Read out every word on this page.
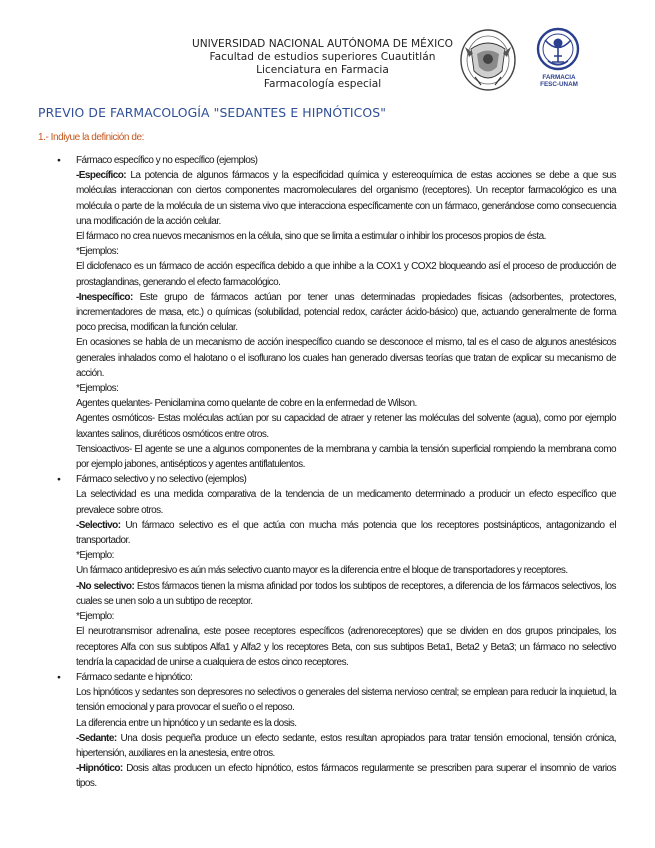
UNIVERSIDAD NACIONAL AUTÓNOMA DE MÉXICO
Facultad de estudios superiores Cuautitlán
Licenciatura en Farmacia
Farmacología especial
FARMACIA
FESC-UNAM
PREVIO DE FARMACOLOGÍA "SEDANTES E HIPNÓTICOS"
1.- Indiyue la definición de:

● Fármaco específico y no específico (ejemplos)

-Específico: La potencia de algunos fármacos y la especificidad química y estereoquímica de estas acciones se debe a que sus moléculas interaccionan con ciertos componentes macromoleculares del organismo (receptores). Un receptor farmacológico es una molécula o parte de la molécula de un sistema vivo que interacciona específicamente con un fármaco, generándose como consecuencia una modificación de la acción celular.

El fármaco no crea nuevos mecanismos en la célula, sino que se limita a estimular o inhibir los procesos propios de ésta.

*Ejemplos:

El diclofenaco es un fármaco de acción específica debido a que inhibe a la COX1 y COX2 bloqueando así el proceso de producción de prostaglandinas, generando el efecto farmacológico.

-Inespecífico: Este grupo de fármacos actúan por tener unas determinadas propiedades físicas (adsorbentes, protectores, incrementadores de masa, etc.) o químicas (solubilidad, potencial redox, carácter ácido-básico) que, actuando generalmente de forma poco precisa, modifican la función celular.

En ocasiones se habla de un mecanismo de acción inespecífico cuando se desconoce el mismo, tal es el caso de algunos anestésicos generales inhalados como el halotano o el isoflurano los cuales han generado diversas teorías que tratan de explicar su mecanismo de acción.

*Ejemplos:

Agentes quelantes- Penicilamina como quelante de cobre en la enfermedad de Wilson.

Agentes osmóticos- Estas moléculas actúan por su capacidad de atraer y retener las moléculas del solvente (agua), como por ejemplo laxantes salinos, diuréticos osmóticos entre otros.

Tensioactivos- El agente se une a algunos componentes de la membrana y cambia la tensión superficial rompiendo la membrana como por ejemplo jabones, antisépticos y agentes antiflatulentos.

● Fármaco selectivo y no selectivo (ejemplos)

La selectividad es una medida comparativa de la tendencia de un medicamento determinado a producir un efecto específico que prevalece sobre otros.

-Selectivo: Un fármaco selectivo es el que actúa con mucha más potencia que los receptores postsinápticos, antagonizando el transportador.

*Ejemplo:

Un fármaco antidepresivo es aún más selectivo cuanto mayor es la diferencia entre el bloque de transportadores y receptores.

-No selectivo: Estos fármacos tienen la misma afinidad por todos los subtipos de receptores, a diferencia de los fármacos selectivos, los cuales se unen solo a un subtipo de receptor.

*Ejemplo:

El neurotransmisor adrenalina, este posee receptores específicos (adrenoreceptores) que se dividen en dos grupos principales, los receptores Alfa con sus subtipos Alfa1 y Alfa2 y los receptores Beta, con sus subtipos Beta1, Beta2 y Beta3; un fármaco no selectivo tendría la capacidad de unirse a cualquiera de estos cinco receptores.

● Fármaco sedante e hipnótico:

Los hipnóticos y sedantes son depresores no selectivos o generales del sistema nervioso central; se emplean para reducir la inquietud, la tensión emocional y para provocar el sueño o el reposo.

La diferencia entre un hipnótico y un sedante es la dosis.

-Sedante: Una dosis pequeña produce un efecto sedante, estos resultan apropiados para tratar tensión emocional, tensión crónica, hipertensión, auxiliares en la anestesia, entre otros.

-Hipnótico: Dosis altas producen un efecto hipnótico, estos fármacos regularmente se prescriben para superar el insomnio de varios tipos.
